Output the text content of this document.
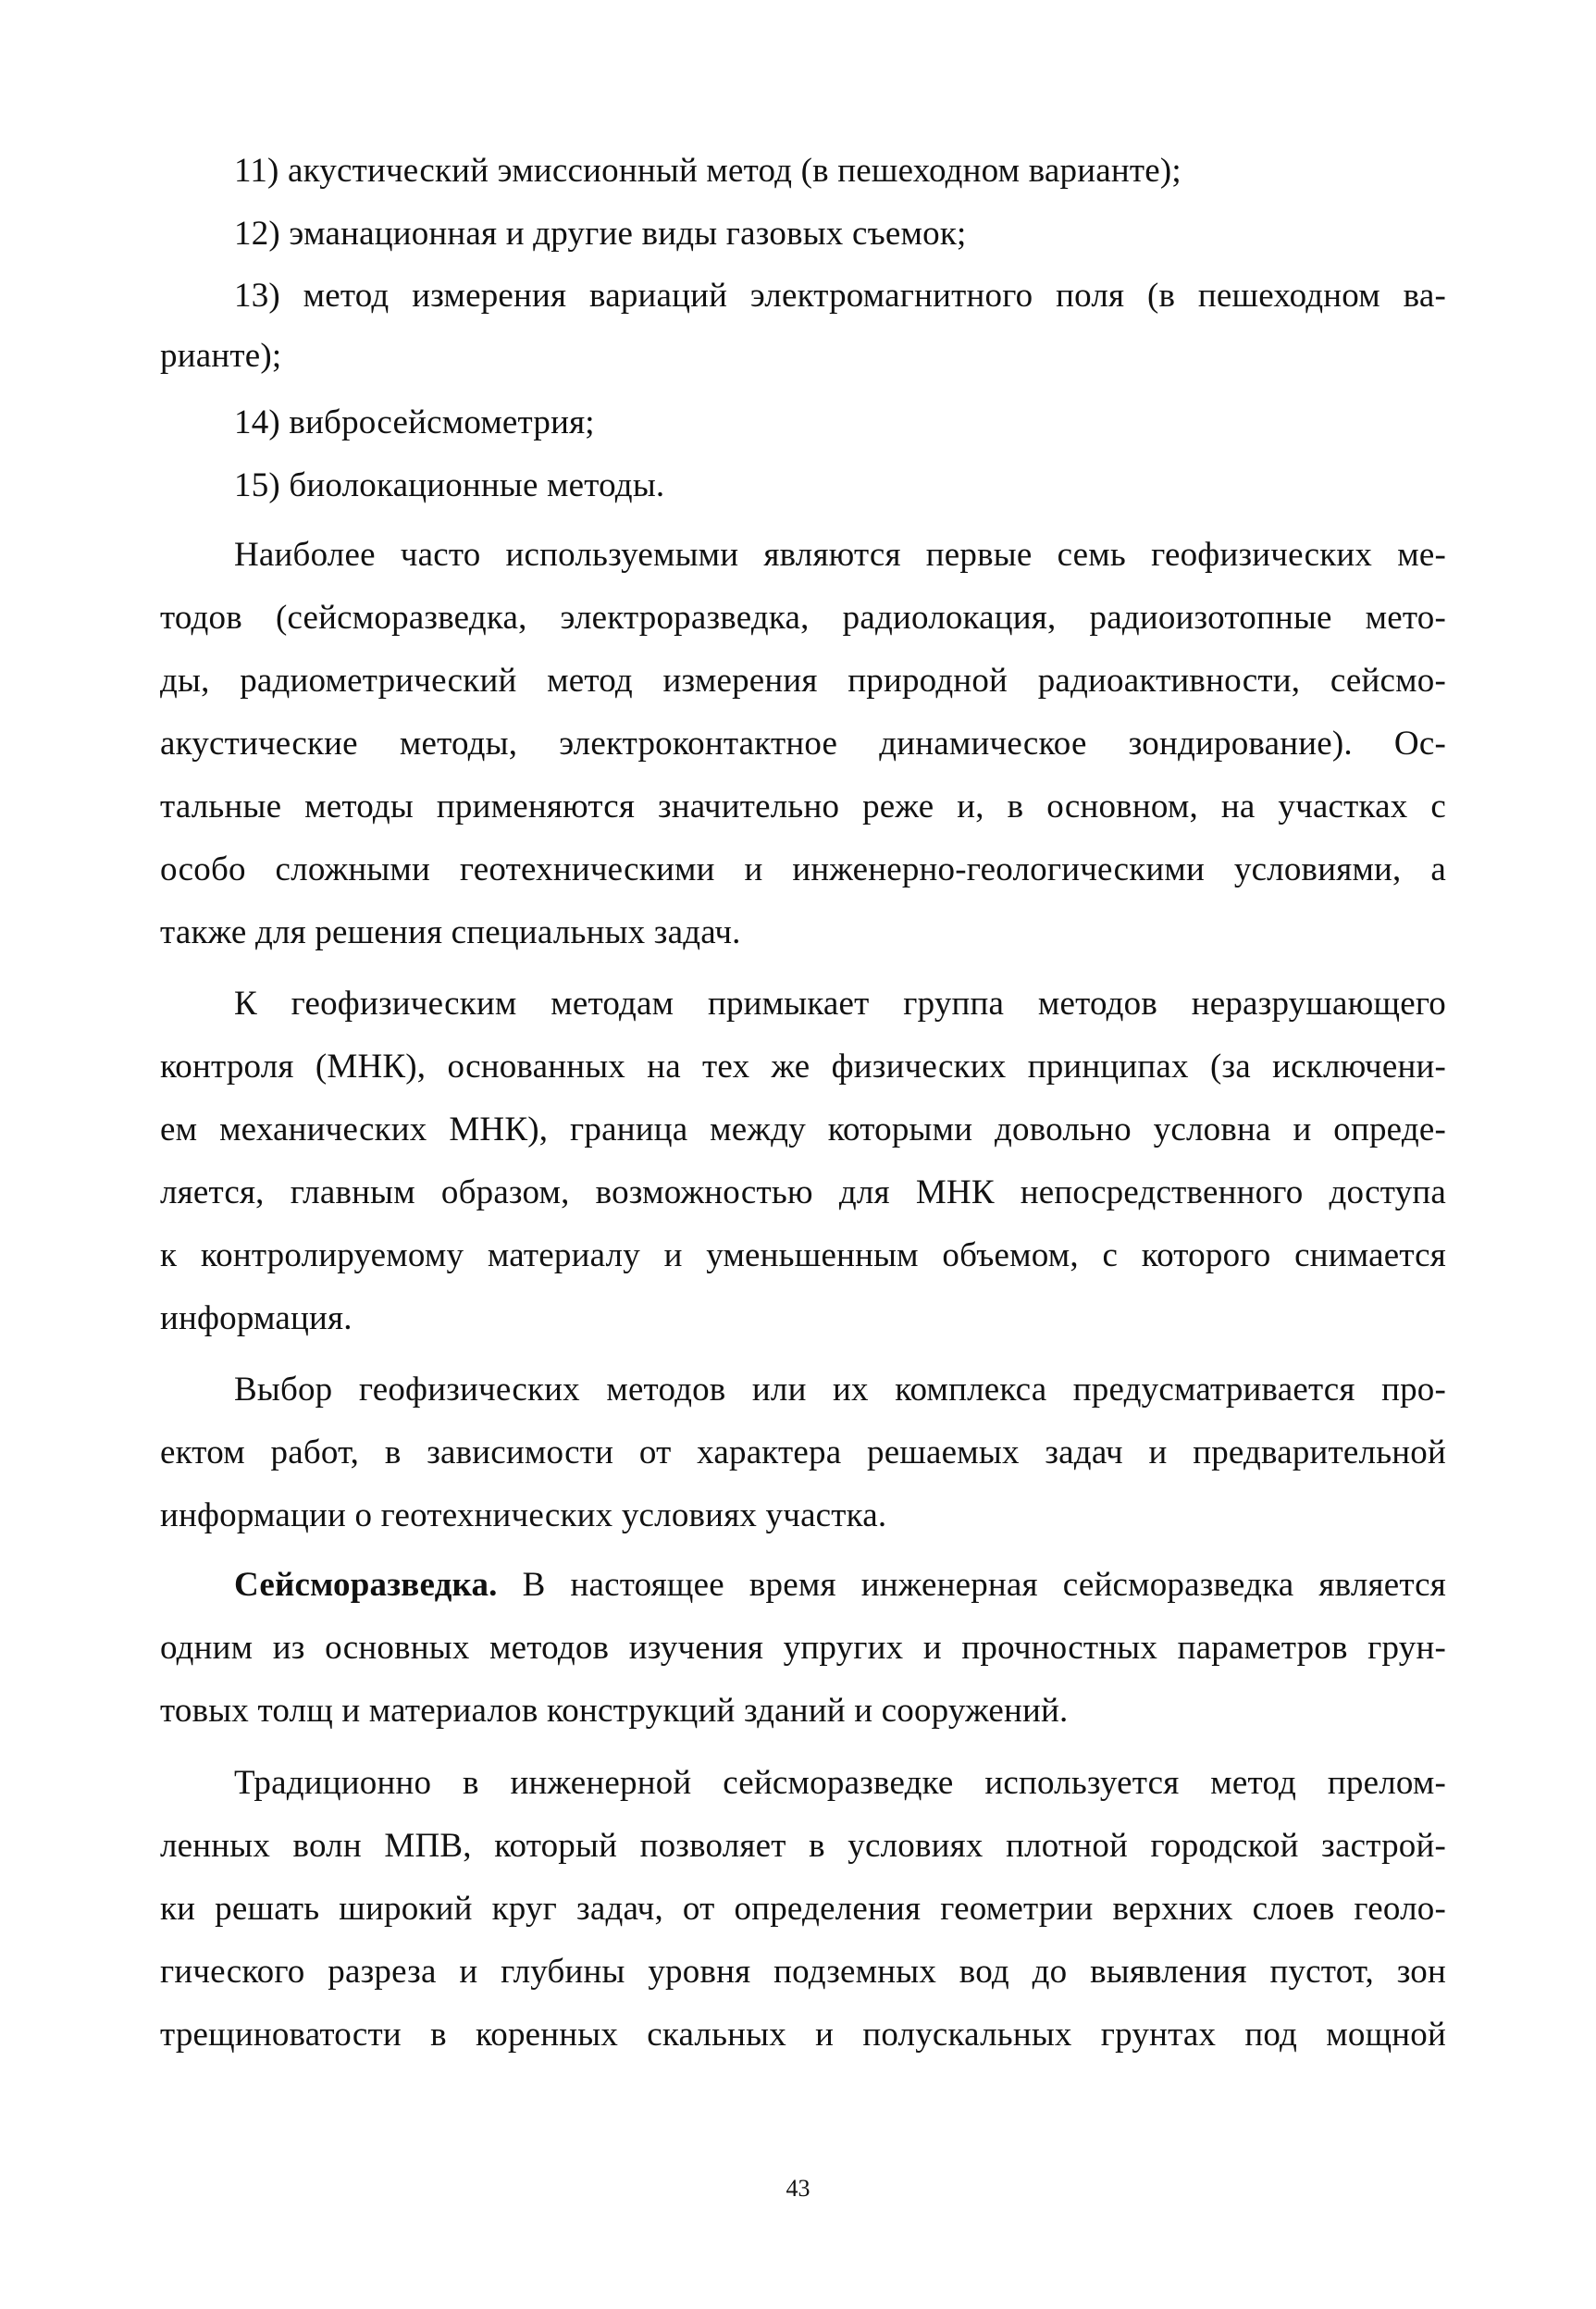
11) акустический эмиссионный метод (в пешеходном варианте);
12) эманационная и другие виды газовых съемок;
13) метод измерения вариаций электромагнитного поля (в пешеходном ва-
рианте);
14) вибросейсмометрия;
15) биолокационные методы.
Наиболее часто используемыми являются первые семь геофизических ме-
тодов (сейсморазведка, электроразведка, радиолокация, радиоизотопные мето-
ды, радиометрический метод измерения природной радиоактивности, сейсмо-
акустические методы, электроконтактное динамическое зондирование). Ос-
тальные методы применяются значительно реже и, в основном, на участках с
особо сложными геотехническими и инженерно-геологическими условиями, а
также для решения специальных задач.
К геофизическим методам примыкает группа методов неразрушающего
контроля (МНК), основанных на тех же физических принципах (за исключени-
ем механических МНК), граница между которыми довольно условна и опреде-
ляется, главным образом, возможностью для МНК непосредственного доступа
к контролируемому материалу и уменьшенным объемом, с которого снимается
информация.
Выбор геофизических методов или их комплекса предусматривается про-
ектом работ, в зависимости от характера решаемых задач и предварительной
информации о геотехнических условиях участка.
Сейсморазведка. В настоящее время инженерная сейсморазведка является
одним из основных методов изучения упругих и прочностных параметров грун-
товых толщ и материалов конструкций зданий и сооружений.
Традиционно в инженерной сейсморазведке используется метод прелом-
ленных волн МПВ, который позволяет в условиях плотной городской застрой-
ки решать широкий круг задач, от определения геометрии верхних слоев геоло-
гического разреза и глубины уровня подземных вод до выявления пустот, зон
трещиноватости в коренных скальных и полускальных грунтах под мощной
43
